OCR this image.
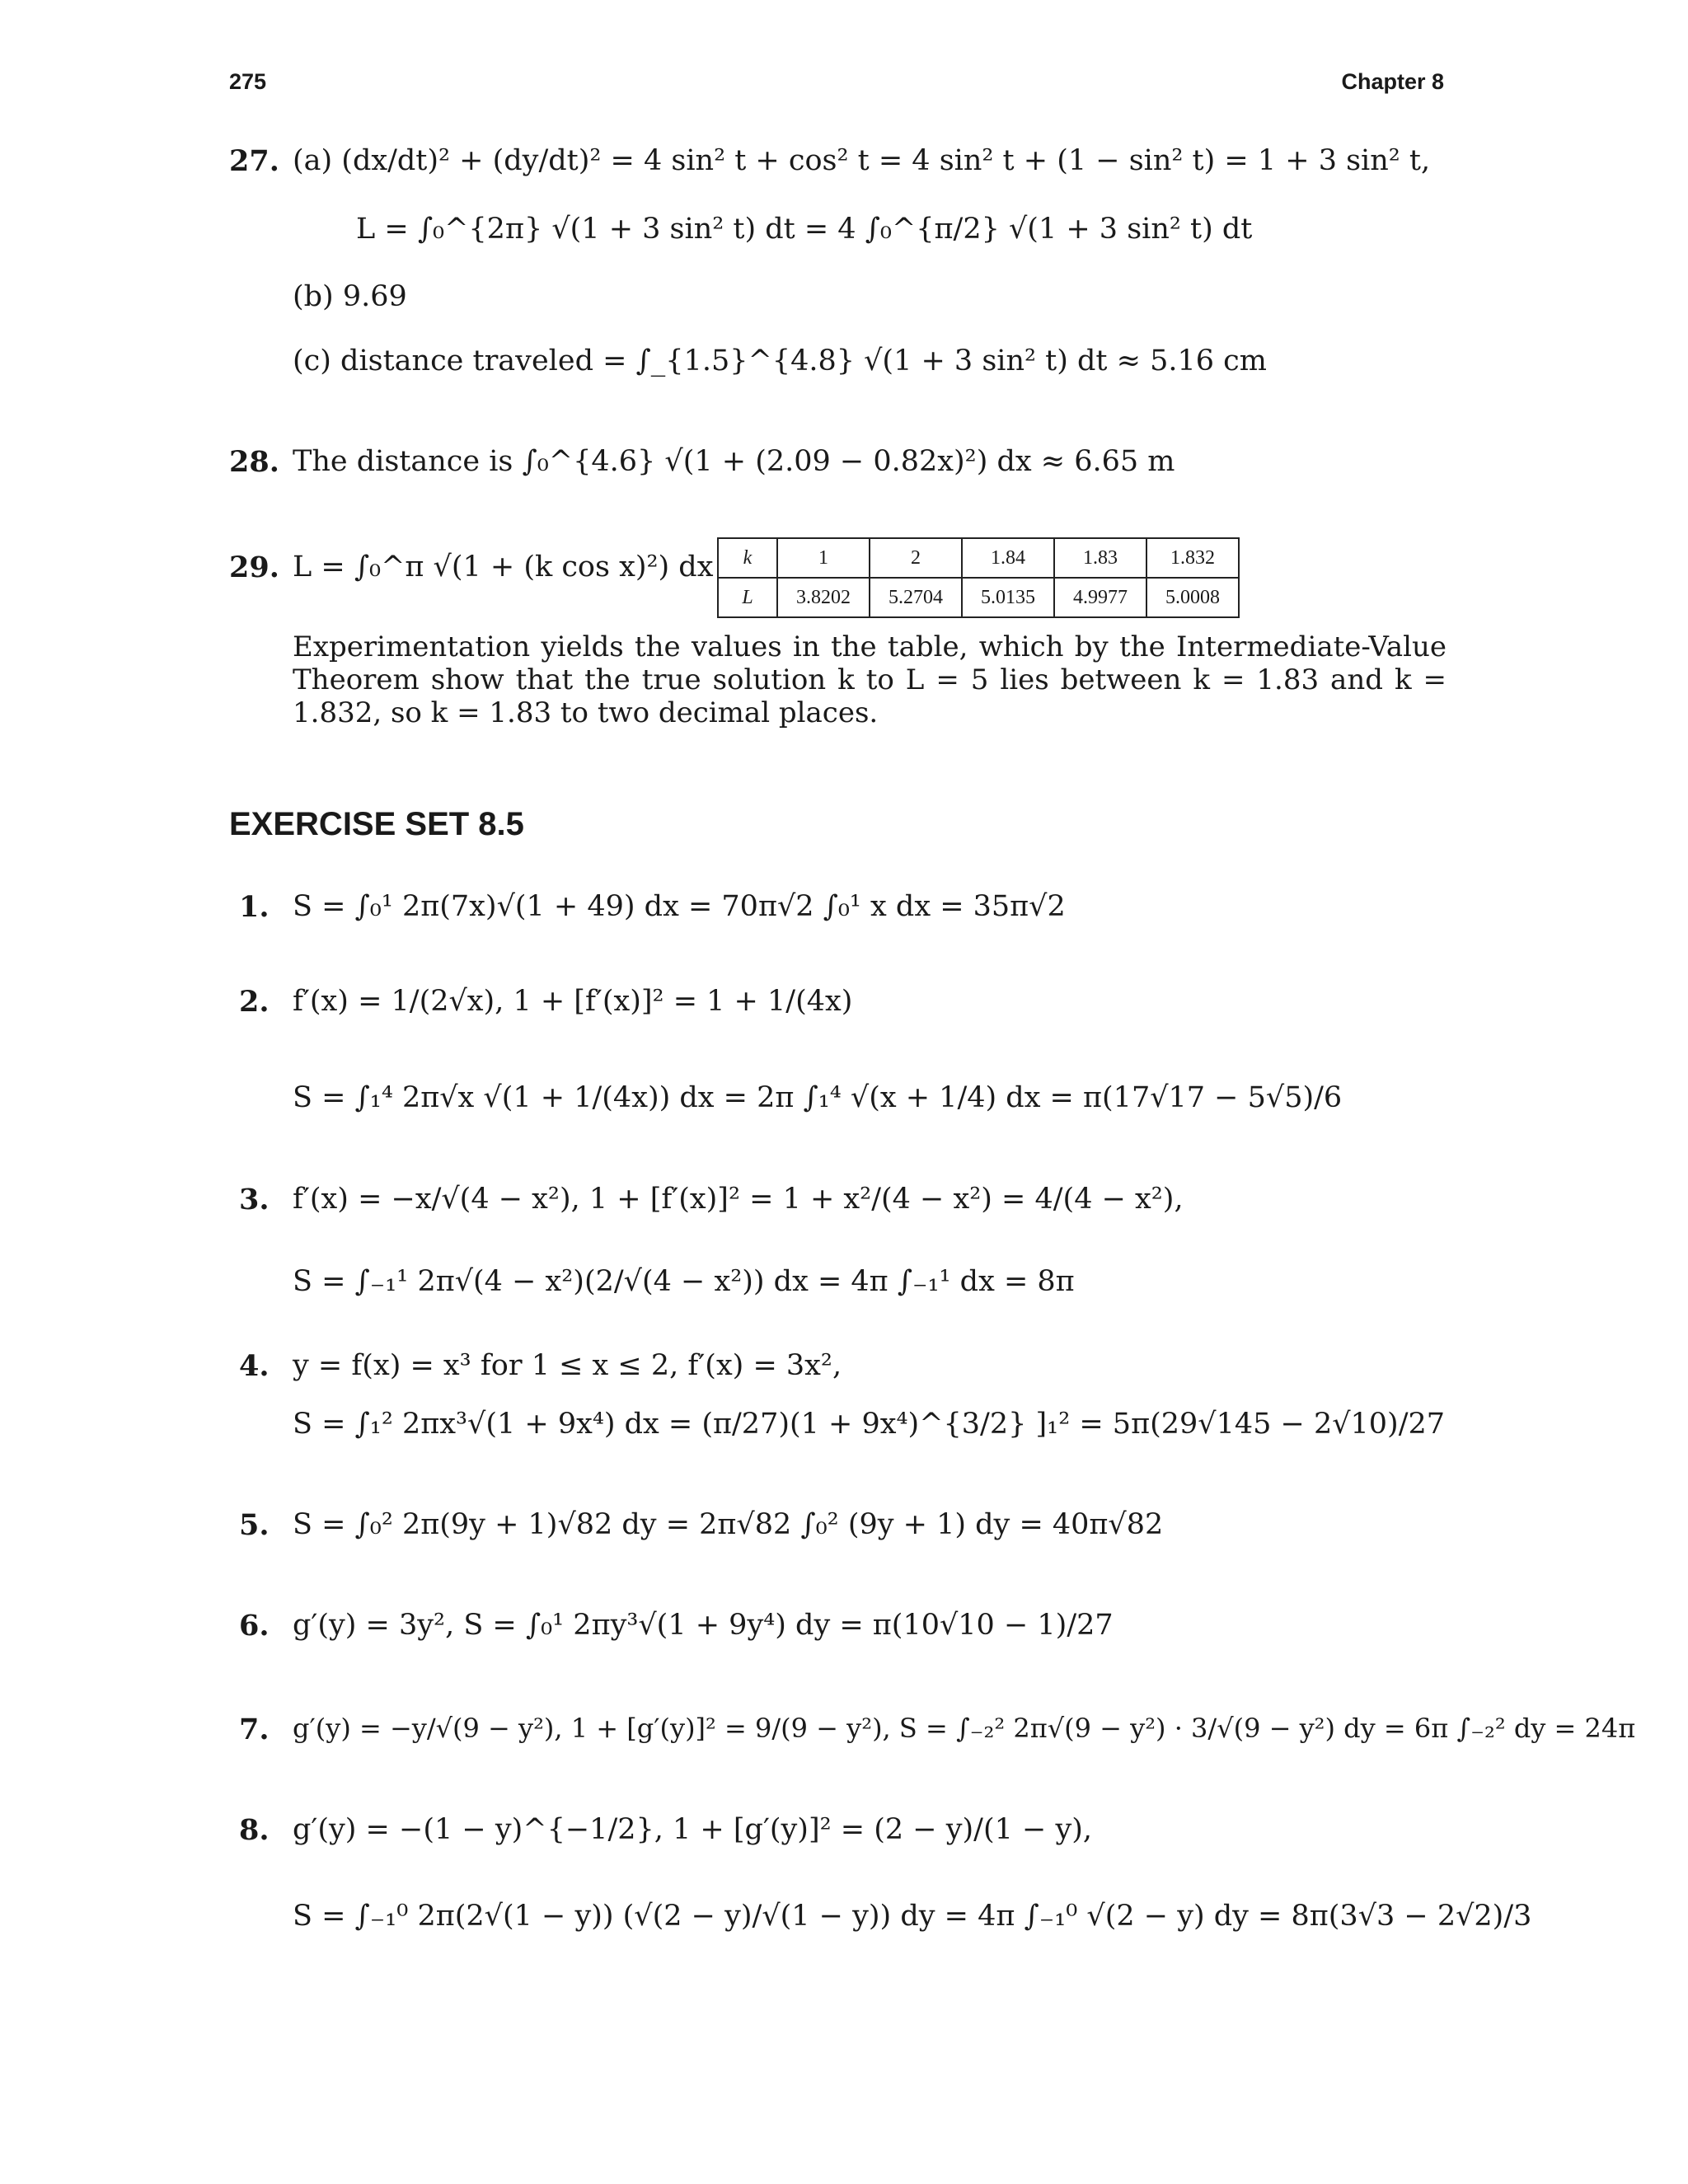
275	Chapter 8
27. (a) (dx/dt)² + (dy/dt)² = 4 sin² t + cos² t = 4 sin² t + (1 − sin² t) = 1 + 3 sin² t,
L = ∫₀^{2π} √(1 + 3 sin² t) dt = 4 ∫₀^{π/2} √(1 + 3 sin² t) dt
(b) 9.69
(c) distance traveled = ∫_{1.5}^{4.8} √(1 + 3 sin² t) dt ≈ 5.16 cm
28. The distance is ∫₀^{4.6} √(1 + (2.09 − 0.82x)²) dx ≈ 6.65 m
29. L = ∫₀^π √(1 + (k cos x)²) dx k	1	2	1.84	1.83	1.832
L	3.8202	5.2704	5.0135	4.9977	5.0008
Experimentation yields the values in the table, which by the Intermediate-Value Theorem show that the true solution k to L = 5 lies between k = 1.83 and k = 1.832, so k = 1.83 to two decimal places.
EXERCISE SET 8.5
1. S = ∫₀¹ 2π(7x)√(1 + 49) dx = 70π√2 ∫₀¹ x dx = 35π√2
2. f′(x) = 1/(2√x), 1 + [f′(x)]² = 1 + 1/(4x)
S = ∫₁⁴ 2π√x √(1 + 1/(4x)) dx = 2π ∫₁⁴ √(x + 1/4) dx = π(17√17 − 5√5)/6
3. f′(x) = −x/√(4 − x²), 1 + [f′(x)]² = 1 + x²/(4 − x²) = 4/(4 − x²),
S = ∫₋₁¹ 2π√(4 − x²)(2/√(4 − x²)) dx = 4π ∫₋₁¹ dx = 8π
4. y = f(x) = x³ for 1 ≤ x ≤ 2, f′(x) = 3x²,
S = ∫₁² 2πx³√(1 + 9x⁴) dx = (π/27)(1 + 9x⁴)^{3/2} ]₁² = 5π(29√145 − 2√10)/27
5. S = ∫₀² 2π(9y + 1)√82 dy = 2π√82 ∫₀² (9y + 1) dy = 40π√82
6. g′(y) = 3y², S = ∫₀¹ 2πy³√(1 + 9y⁴) dy = π(10√10 − 1)/27
7. g′(y) = −y/√(9 − y²), 1 + [g′(y)]² = 9/(9 − y²), S = ∫₋₂² 2π√(9 − y²) · 3/√(9 − y²) dy = 6π ∫₋₂² dy = 24π
8. g′(y) = −(1 − y)^{−1/2}, 1 + [g′(y)]² = (2 − y)/(1 − y),
S = ∫₋₁⁰ 2π(2√(1 − y)) (√(2 − y)/√(1 − y)) dy = 4π ∫₋₁⁰ √(2 − y) dy = 8π(3√3 − 2√2)/3
